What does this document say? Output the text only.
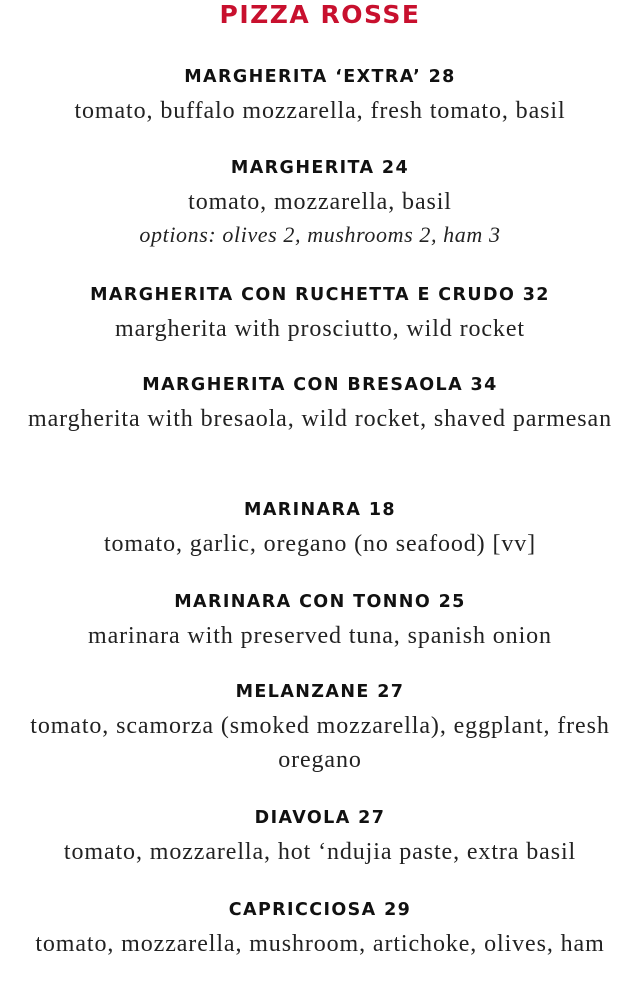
PIZZA ROSSE
MARGHERITA ‘EXTRA’ 28
tomato, buffalo mozzarella, fresh tomato, basil
MARGHERITA 24
tomato, mozzarella, basil
options: olives 2, mushrooms 2, ham 3
MARGHERITA CON RUCHETTA E CRUDO 32
margherita with prosciutto, wild rocket
MARGHERITA CON BRESAOLA 34
margherita with bresaola, wild rocket, shaved parmesan
MARINARA 18
tomato, garlic, oregano (no seafood) [vv]
MARINARA CON TONNO 25
marinara with preserved tuna, spanish onion
MELANZANE 27
tomato, scamorza (smoked mozzarella), eggplant, fresh oregano
DIAVOLA 27
tomato, mozzarella, hot ‘ndujia paste, extra basil
CAPRICCIOSA 29
tomato, mozzarella, mushroom, artichoke, olives, ham
